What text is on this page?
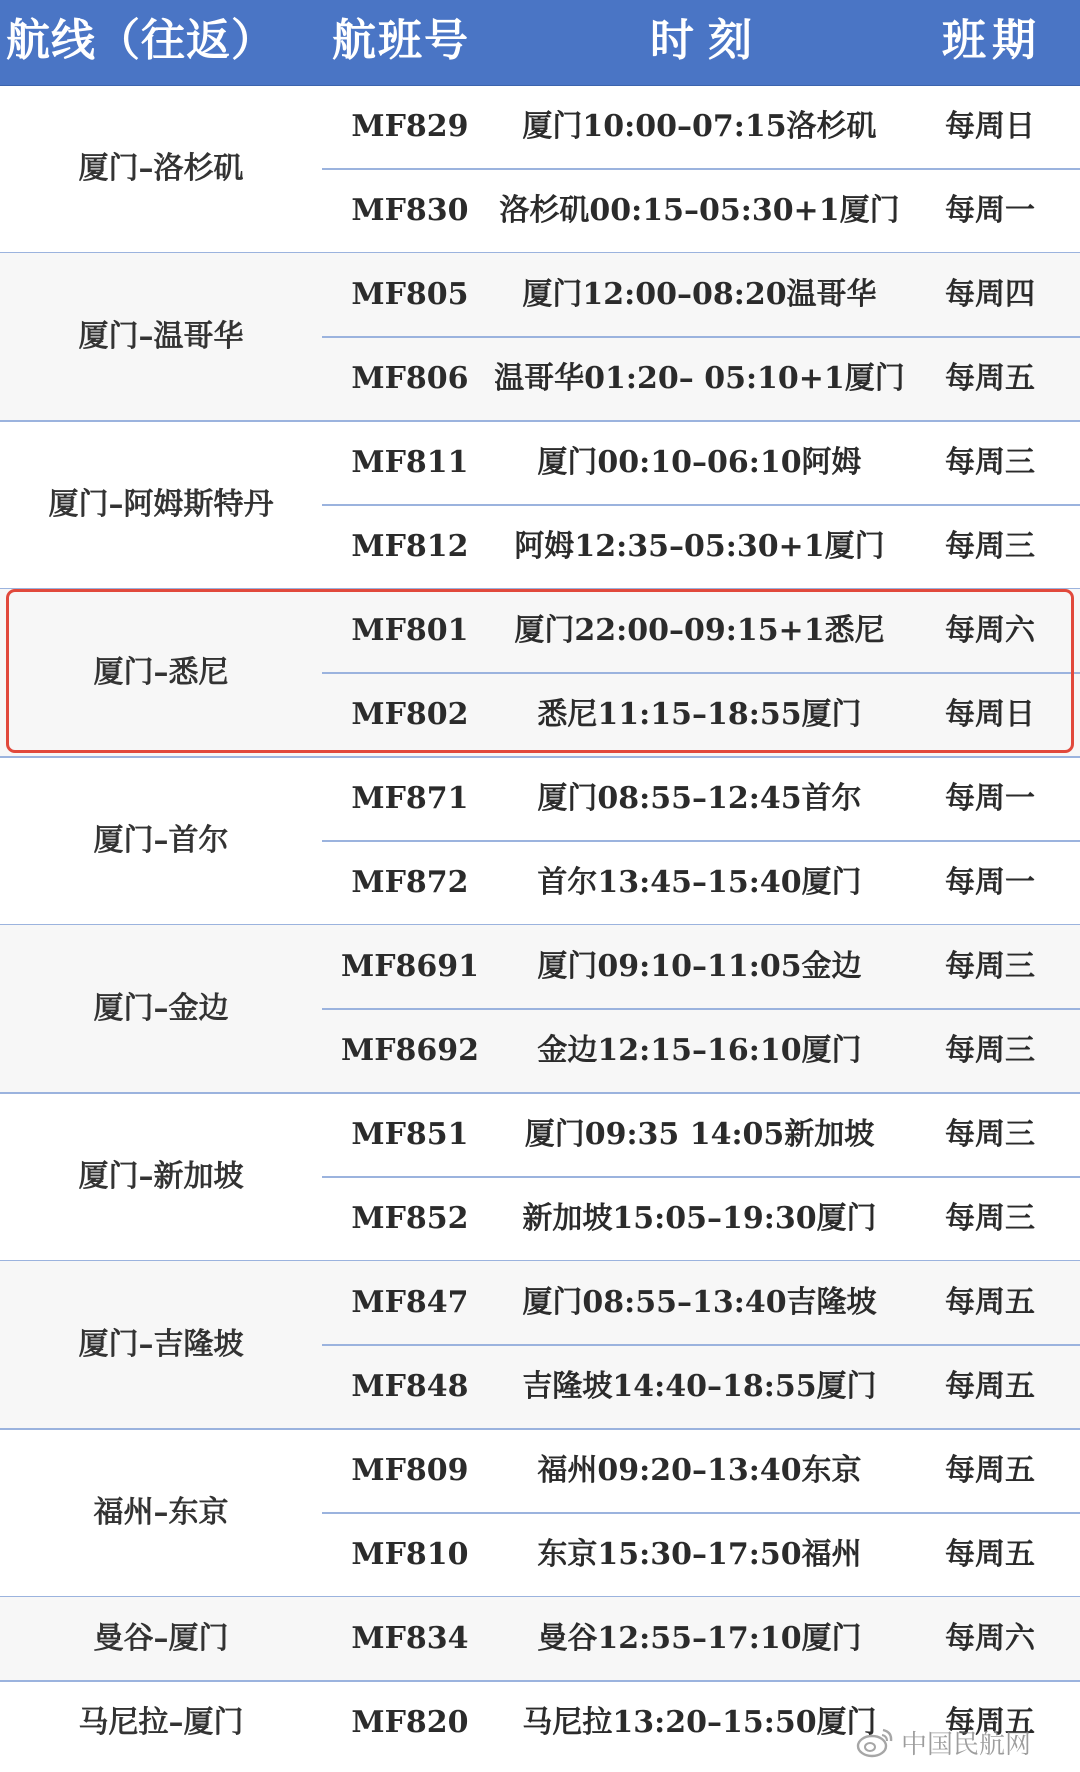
航线（往返） 航班号	时刻	班期
厦门–洛杉矶
MF829	厦门10:00–07:15洛杉矶	每周日
MF830	洛杉矶00:15–05:30+1厦门	每周一
厦门–温哥华
MF805	厦门12:00–08:20温哥华	每周四
MF806 温哥华01:20– 05:10+1厦门	每周五
厦门–阿姆斯特丹
MF811	厦门00:10–06:10阿姆	每周三
MF812	阿姆12:35–05:30+1厦门	每周三
厦门–悉尼
MF801	厦门22:00–09:15+1悉尼	每周六
MF802	悉尼11:15–18:55厦门	每周日
厦门–首尔
MF871	厦门08:55–12:45首尔	每周一
MF872	首尔13:45–15:40厦门	每周一
厦门–金边
MF8691	厦门09:10–11:05金边	每周三
MF8692	金边12:15–16:10厦门	每周三
厦门–新加坡
MF851	厦门09:35 14:05新加坡	每周三
MF852	新加坡15:05–19:30厦门	每周三
厦门–吉隆坡
MF847	厦门08:55–13:40吉隆坡	每周五
MF848	吉隆坡14:40–18:55厦门	每周五
福州–东京
MF809	福州09:20–13:40东京	每周五
MF810	东京15:30–17:50福州	每周五
曼谷–厦门	MF834	曼谷12:55–17:10厦门	每周六
马尼拉–厦门	MF820	马尼拉13:20–15:50厦门	每周五
中国民航网
